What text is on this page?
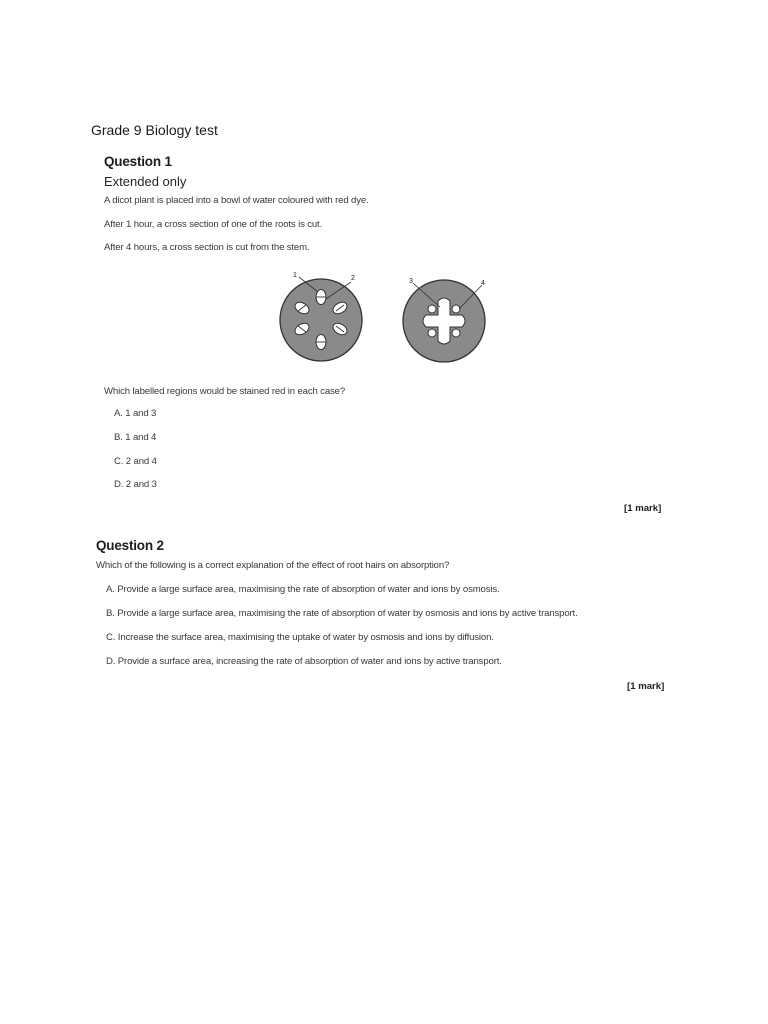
Grade 9 Biology test
Question 1
Extended only
A dicot plant is placed into a bowl of water coloured with red dye.
After 1 hour, a cross section of one of the roots is cut.
After 4 hours, a cross section is cut from the stem.
1	2	3	4
Which labelled regions would be stained red in each case?
A. 1 and 3
B. 1 and 4
C. 2 and 4
D. 2 and 3
[1 mark]
Question 2
Which of the following is a correct explanation of the effect of root hairs on absorption?
A. Provide a large surface area, maximising the rate of absorption of water and ions by osmosis.
B. Provide a large surface area, maximising the rate of absorption of water by osmosis and ions by active transport.
C. Increase the surface area, maximising the uptake of water by osmosis and ions by diffusion.
D. Provide a surface area, increasing the rate of absorption of water and ions by active transport.
[1 mark]
